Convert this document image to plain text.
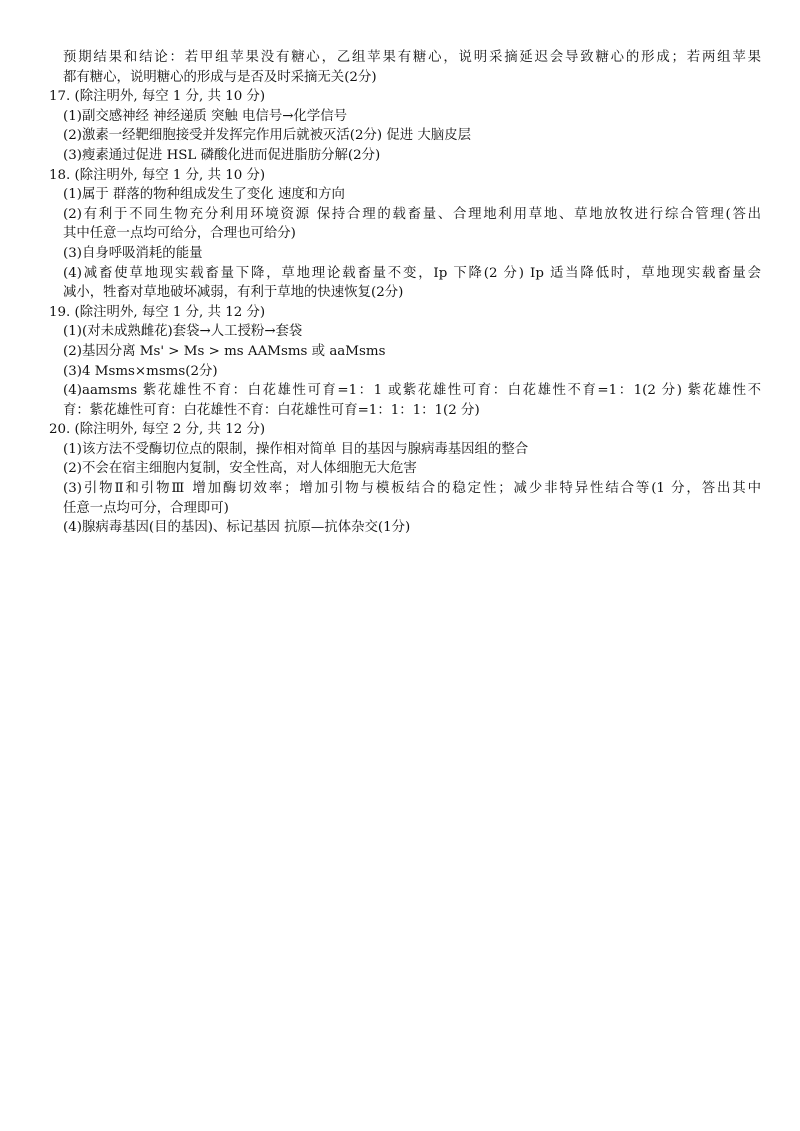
预期结果和结论：若甲组苹果没有糖心，乙组苹果有糖心，说明采摘延迟会导致糖心的形成；若两组苹果
都有糖心，说明糖心的形成与是否及时采摘无关(2分)
17. (除注明外, 每空 1 分, 共 10 分)
(1)副交感神经 神经递质 突触 电信号→化学信号
(2)激素一经靶细胞接受并发挥完作用后就被灭活(2分) 促进 大脑皮层
(3)瘦素通过促进 HSL 磷酸化进而促进脂肪分解(2分)
18. (除注明外, 每空 1 分, 共 10 分)
(1)属于 群落的物种组成发生了变化 速度和方向
(2)有利于不同生物充分利用环境资源 保持合理的载畜量、合理地利用草地、草地放牧进行综合管理(答出
其中任意一点均可给分，合理也可给分)
(3)自身呼吸消耗的能量
(4)减畜使草地现实载畜量下降，草地理论载畜量不变，Ip 下降(2 分) Ip 适当降低时，草地现实载畜量会
减小，牲畜对草地破坏减弱，有利于草地的快速恢复(2分)
19. (除注明外, 每空 1 分, 共 12 分)
(1)(对未成熟雌花)套袋→人工授粉→套袋
(2)基因分离 Ms' > Ms > ms AAMsms 或 aaMsms
(3)4 Msms×msms(2分)
(4)aamsms 紫花雄性不育：白花雄性可育=1：1 或紫花雄性可育：白花雄性不育=1：1(2 分) 紫花雄性不
育：紫花雄性可育：白花雄性不育：白花雄性可育=1：1：1：1(2 分)
20. (除注明外, 每空 2 分, 共 12 分)
(1)该方法不受酶切位点的限制，操作相对简单 目的基因与腺病毒基因组的整合
(2)不会在宿主细胞内复制，安全性高，对人体细胞无大危害
(3)引物Ⅱ和引物Ⅲ 增加酶切效率；增加引物与模板结合的稳定性；减少非特异性结合等(1 分，答出其中
任意一点均可分，合理即可)
(4)腺病毒基因(目的基因)、标记基因 抗原—抗体杂交(1分)
